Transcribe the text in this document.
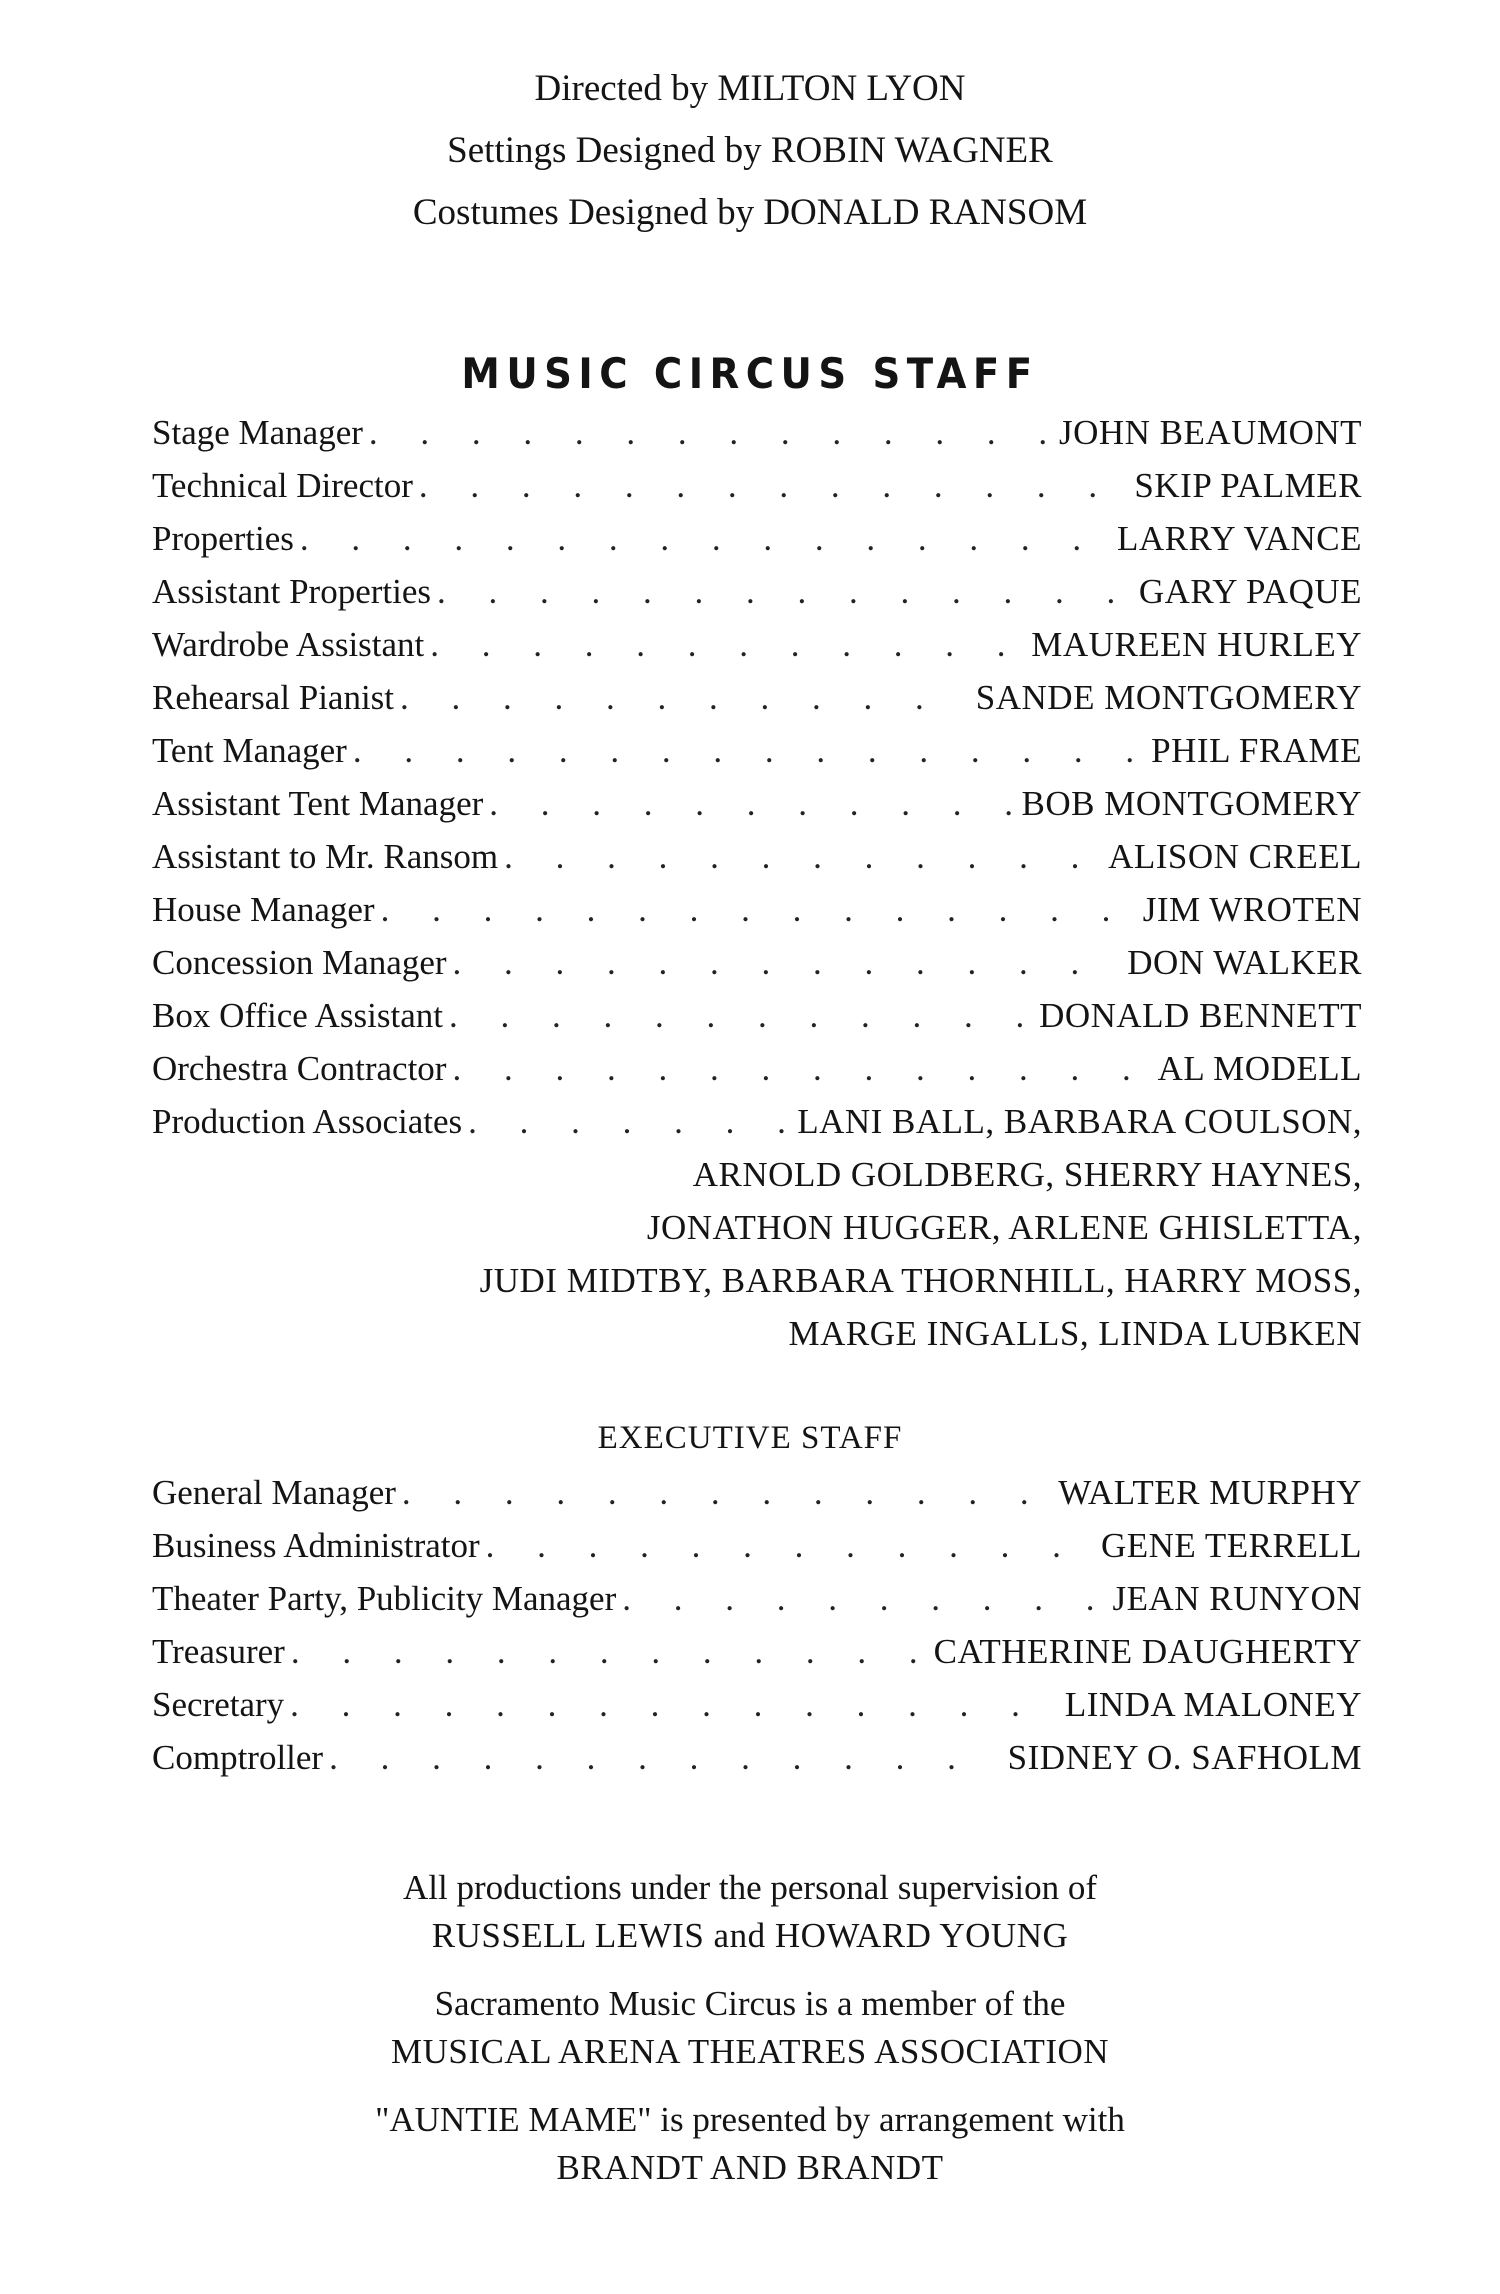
Directed by MILTON LYON
Settings Designed by ROBIN WAGNER
Costumes Designed by DONALD RANSOM
MUSIC CIRCUS STAFF
Stage Manager . . .	JOHN BEAUMONT
Technical Director . . .	SKIP PALMER
Properties . . .	LARRY VANCE
Assistant Properties . . .	GARY PAQUE
Wardrobe Assistant . . .	MAUREEN HURLEY
Rehearsal Pianist . . .	SANDE MONTGOMERY
Tent Manager . . .	PHIL FRAME
Assistant Tent Manager . . .	BOB MONTGOMERY
Assistant to Mr. Ransom . . .	ALISON CREEL
House Manager . . .	JIM WROTEN
Concession Manager . . .	DON WALKER
Box Office Assistant . . .	DONALD BENNETT
Orchestra Contractor . . .	AL MODELL
Production Associates . . .	LANI BALL, BARBARA COULSON,
ARNOLD GOLDBERG, SHERRY HAYNES,
JONATHON HUGGER, ARLENE GHISLETTA,
JUDI MIDTBY, BARBARA THORNHILL, HARRY MOSS,
MARGE INGALLS, LINDA LUBKEN
EXECUTIVE STAFF
General Manager . . .	WALTER MURPHY
Business Administrator . . .	GENE TERRELL
Theater Party, Publicity Manager . . .	JEAN RUNYON
Treasurer . . .	CATHERINE DAUGHERTY
Secretary . . .	LINDA MALONEY
Comptroller . . .	SIDNEY O. SAFHOLM
All productions under the personal supervision of
RUSSELL LEWIS and HOWARD YOUNG
Sacramento Music Circus is a member of the
MUSICAL ARENA THEATRES ASSOCIATION
"AUNTIE MAME" is presented by arrangement with
BRANDT AND BRANDT
